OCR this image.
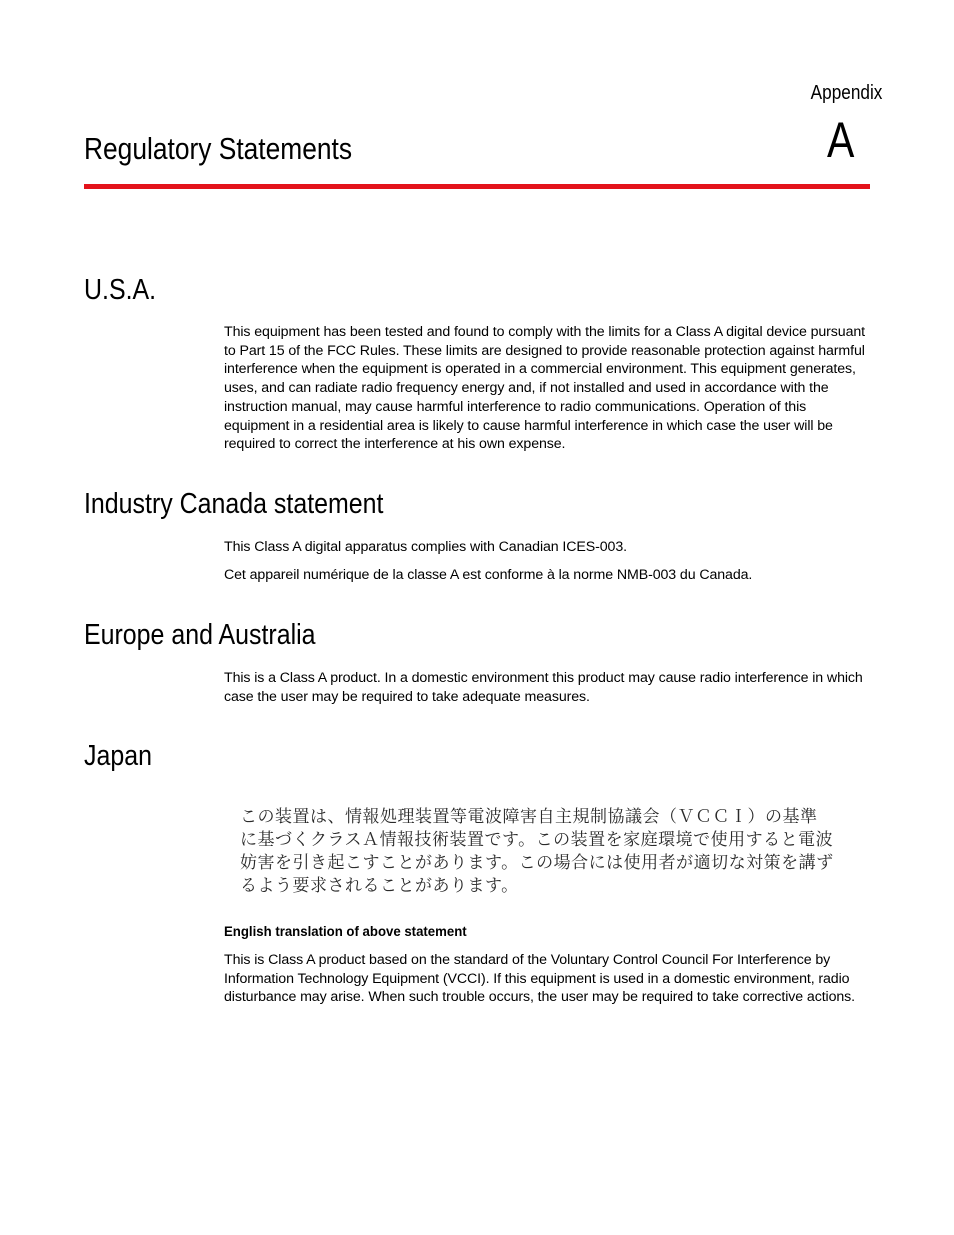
Appendix
A
Regulatory Statements
U.S.A.

This equipment has been tested and found to comply with the limits for a Class A digital device pursuant to Part 15 of the FCC Rules. These limits are designed to provide reasonable protection against harmful interference when the equipment is operated in a commercial environment. This equipment generates, uses, and can radiate radio frequency energy and, if not installed and used in accordance with the instruction manual, may cause harmful interference to radio communications. Operation of this equipment in a residential area is likely to cause harmful interference in which case the user will be required to correct the interference at his own expense.

Industry Canada statement

This Class A digital apparatus complies with Canadian ICES-003.

Cet appareil numérique de la classe A est conforme à la norme NMB-003 du Canada.

Europe and Australia

This is a Class A product. In a domestic environment this product may cause radio interference in which case the user may be required to take adequate measures.

Japan
この装置は、情報処理装置等電波障害自主規制協議会（ＶＣＣＩ）の基準
に基づくクラスＡ情報技術装置です。この装置を家庭環境で使用すると電波
妨害を引き起こすことがあります。この場合には使用者が適切な対策を講ず
るよう要求されることがあります。
English translation of above statement

This is Class A product based on the standard of the Voluntary Control Council For Interference by Information Technology Equipment (VCCI). If this equipment is used in a domestic environment, radio disturbance may arise. When such trouble occurs, the user may be required to take corrective actions.
